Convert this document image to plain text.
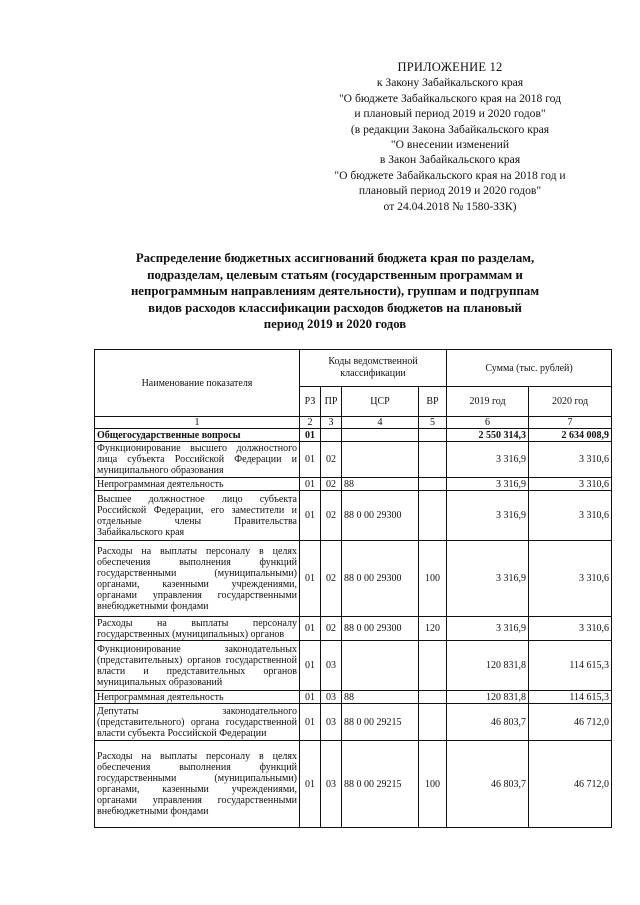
ПРИЛОЖЕНИЕ 12
к Закону Забайкальского края
"О бюджете Забайкальского края на 2018 год
и плановый период 2019 и 2020 годов"
(в редакции Закона Забайкальского края
"О внесении изменений
в Закон Забайкальского края
"О бюджете Забайкальского края на 2018 год и
плановый период 2019 и 2020 годов"
от 24.04.2018 № 1580-ЗЗК)
Распределение бюджетных ассигнований бюджета края по разделам,
подразделам, целевым статьям (государственным программам и
непрограммным направлениям деятельности), группам и подгруппам
видов расходов классификации расходов бюджетов на плановый
период 2019 и 2020 годов
Наименование показателя	Коды ведомственной классификации				Сумма (тыс. рублей)	
	РЗ	ПР	ЦСР	ВР	2019 год	2020 год
1	2	3	4	5	6	7
Общегосударственные вопросы	01				2 550 314,3	2 634 008,9
Функционирование высшего должностного лица субъекта Российской Федерации и муниципального образования	01	02			3 316,9	3 310,6
Непрограммная деятельность	01	02	88		3 316,9	3 310,6
Высшее должностное лицо субъекта Российской Федерации, его заместители и отдельные члены Правительства Забайкальского края	01	02	88 0 00 29300		3 316,9	3 310,6
Расходы на выплаты персоналу в целях обеспечения выполнения функций государственными (муниципальными) органами, казенными учреждениями, органами управления государственными внебюджетными фондами	01	02	88 0 00 29300	100	3 316,9	3 310,6
Расходы на выплаты персоналу государственных (муниципальных) органов	01	02	88 0 00 29300	120	3 316,9	3 310,6
Функционирование законодательных (представительных) органов государственной власти и представительных органов муниципальных образований	01	03			120 831,8	114 615,3
Непрограммная деятельность	01	03	88		120 831,8	114 615,3
Депутаты законодательного (представительного) органа государственной власти субъекта Российской Федерации	01	03	88 0 00 29215		46 803,7	46 712,0
Расходы на выплаты персоналу в целях обеспечения выполнения функций государственными (муниципальными) органами, казенными учреждениями, органами управления государственными внебюджетными фондами	01	03	88 0 00 29215	100	46 803,7	46 712,0
